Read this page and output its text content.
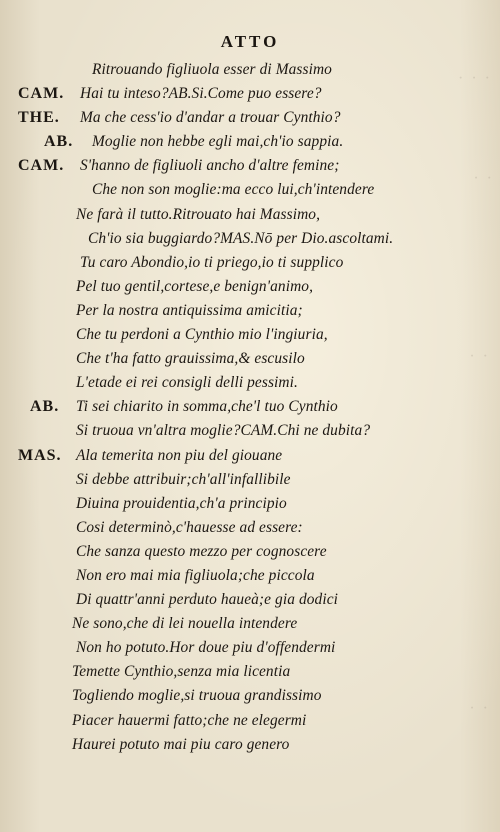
· · ·
· ·
· ·
· ·
ATTO
Ritrouando figliuola esser di Massimo
CAM. Hai tu inteso?AB.Si.Come puo essere?
THE. Ma che cess'io d'andar a trouar Cynthio?
AB. Moglie non hebbe egli mai,ch'io sappia.
CAM. S'hanno de figliuoli ancho d'altre femine;
Che non son moglie:ma ecco lui,ch'intendere
Ne farà il tutto.Ritrouato hai Massimo,
Ch'io sia buggiardo?MAS.Nō per Dio.ascoltami.
Tu caro Abondio,io ti priego,io ti supplico
Pel tuo gentil,cortese,e benign'animo,
Per la nostra antiquissima amicitia;
Che tu perdoni a Cynthio mio l'ingiuria,
Che t'ha fatto grauissima,& escusilo
L'etade ei rei consigli delli pessimi.
AB. Ti sei chiarito in somma,che'l tuo Cynthio
Si truoua vn'altra moglie?CAM.Chi ne dubita?
MAS. Ala temerita non piu del giouane
Si debbe attribuir;ch'all'infallibile
Diuina prouidentia,ch'a principio
Cosi determinò,c'hauesse ad essere:
Che sanza questo mezzo per cognoscere
Non ero mai mia figliuola;che piccola
Di quattr'anni perduto haueà;e gia dodici
Ne sono,che di lei nouella intendere
Non ho potuto.Hor doue piu d'offendermi
Temette Cynthio,senza mia licentia
Togliendo moglie,si truoua grandissimo
Piacer hauermi fatto;che ne elegermi
Haurei potuto mai piu caro genero
